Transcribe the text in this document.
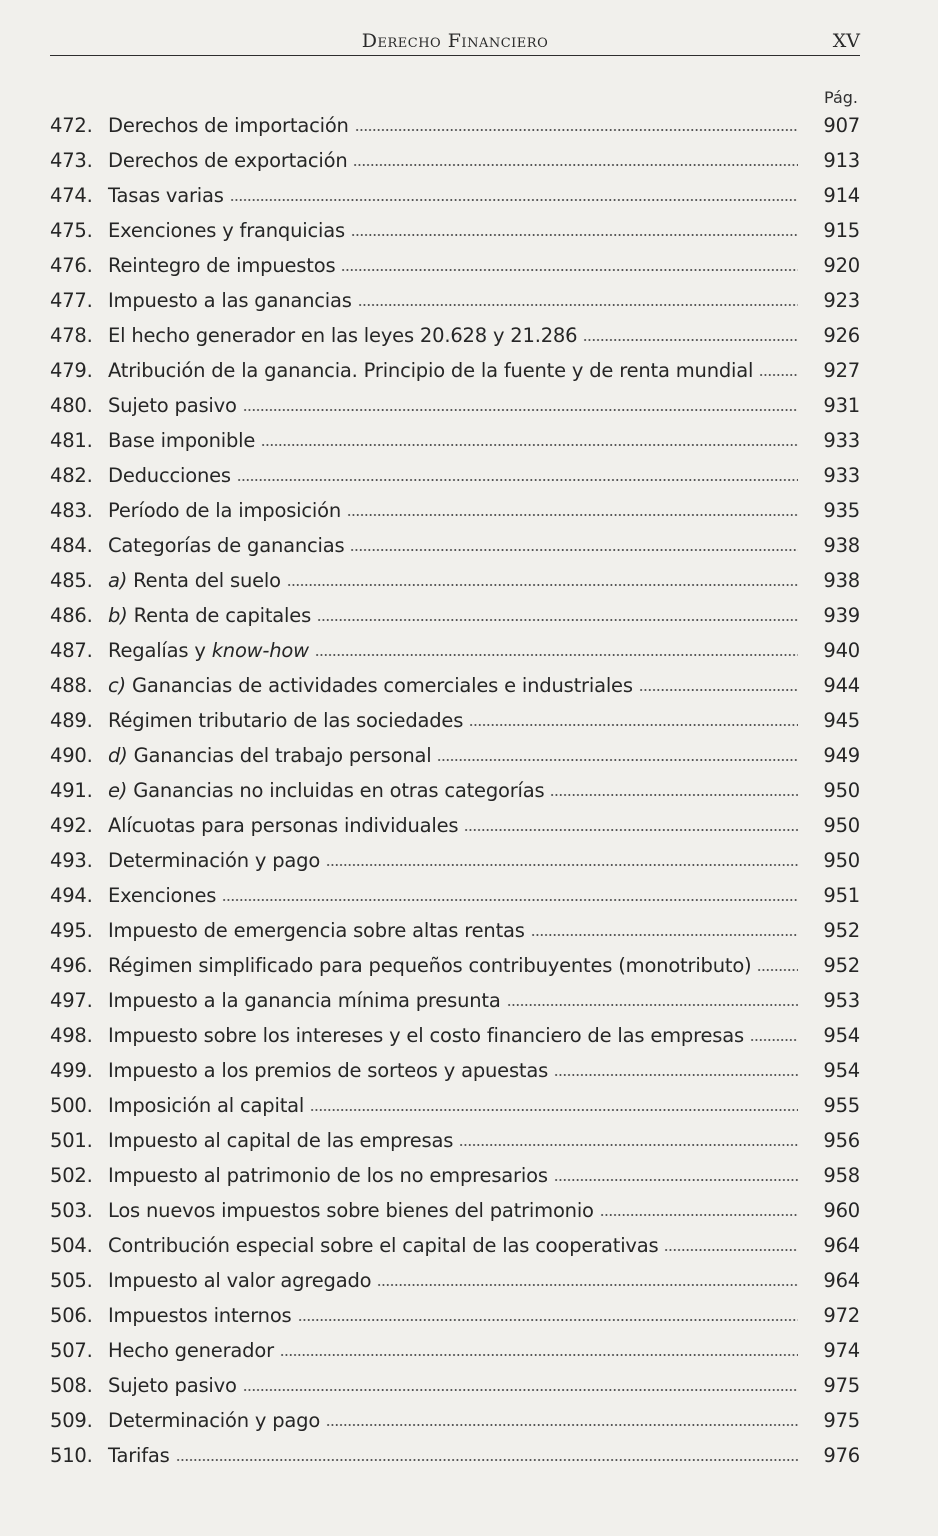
Derecho Financiero	XV
Pág.
472. Derechos de importación	907
473. Derechos de exportación	913
474. Tasas varias	914
475. Exenciones y franquicias	915
476. Reintegro de impuestos	920
477. Impuesto a las ganancias	923
478. El hecho generador en las leyes 20.628 y 21.286	926
479. Atribución de la ganancia. Principio de la fuente y de renta mundial	927
480. Sujeto pasivo	931
481. Base imponible	933
482. Deducciones	933
483. Período de la imposición	935
484. Categorías de ganancias	938
485. a) Renta del suelo	938
486. b) Renta de capitales	939
487. Regalías y know-how	940
488. c) Ganancias de actividades comerciales e industriales	944
489. Régimen tributario de las sociedades	945
490. d) Ganancias del trabajo personal	949
491. e) Ganancias no incluidas en otras categorías	950
492. Alícuotas para personas individuales	950
493. Determinación y pago	950
494. Exenciones	951
495. Impuesto de emergencia sobre altas rentas	952
496. Régimen simplificado para pequeños contribuyentes (monotributo)	952
497. Impuesto a la ganancia mínima presunta	953
498. Impuesto sobre los intereses y el costo financiero de las empresas	954
499. Impuesto a los premios de sorteos y apuestas	954
500. Imposición al capital	955
501. Impuesto al capital de las empresas	956
502. Impuesto al patrimonio de los no empresarios	958
503. Los nuevos impuestos sobre bienes del patrimonio	960
504. Contribución especial sobre el capital de las cooperativas	964
505. Impuesto al valor agregado	964
506. Impuestos internos	972
507. Hecho generador	974
508. Sujeto pasivo	975
509. Determinación y pago	975
510. Tarifas	976
